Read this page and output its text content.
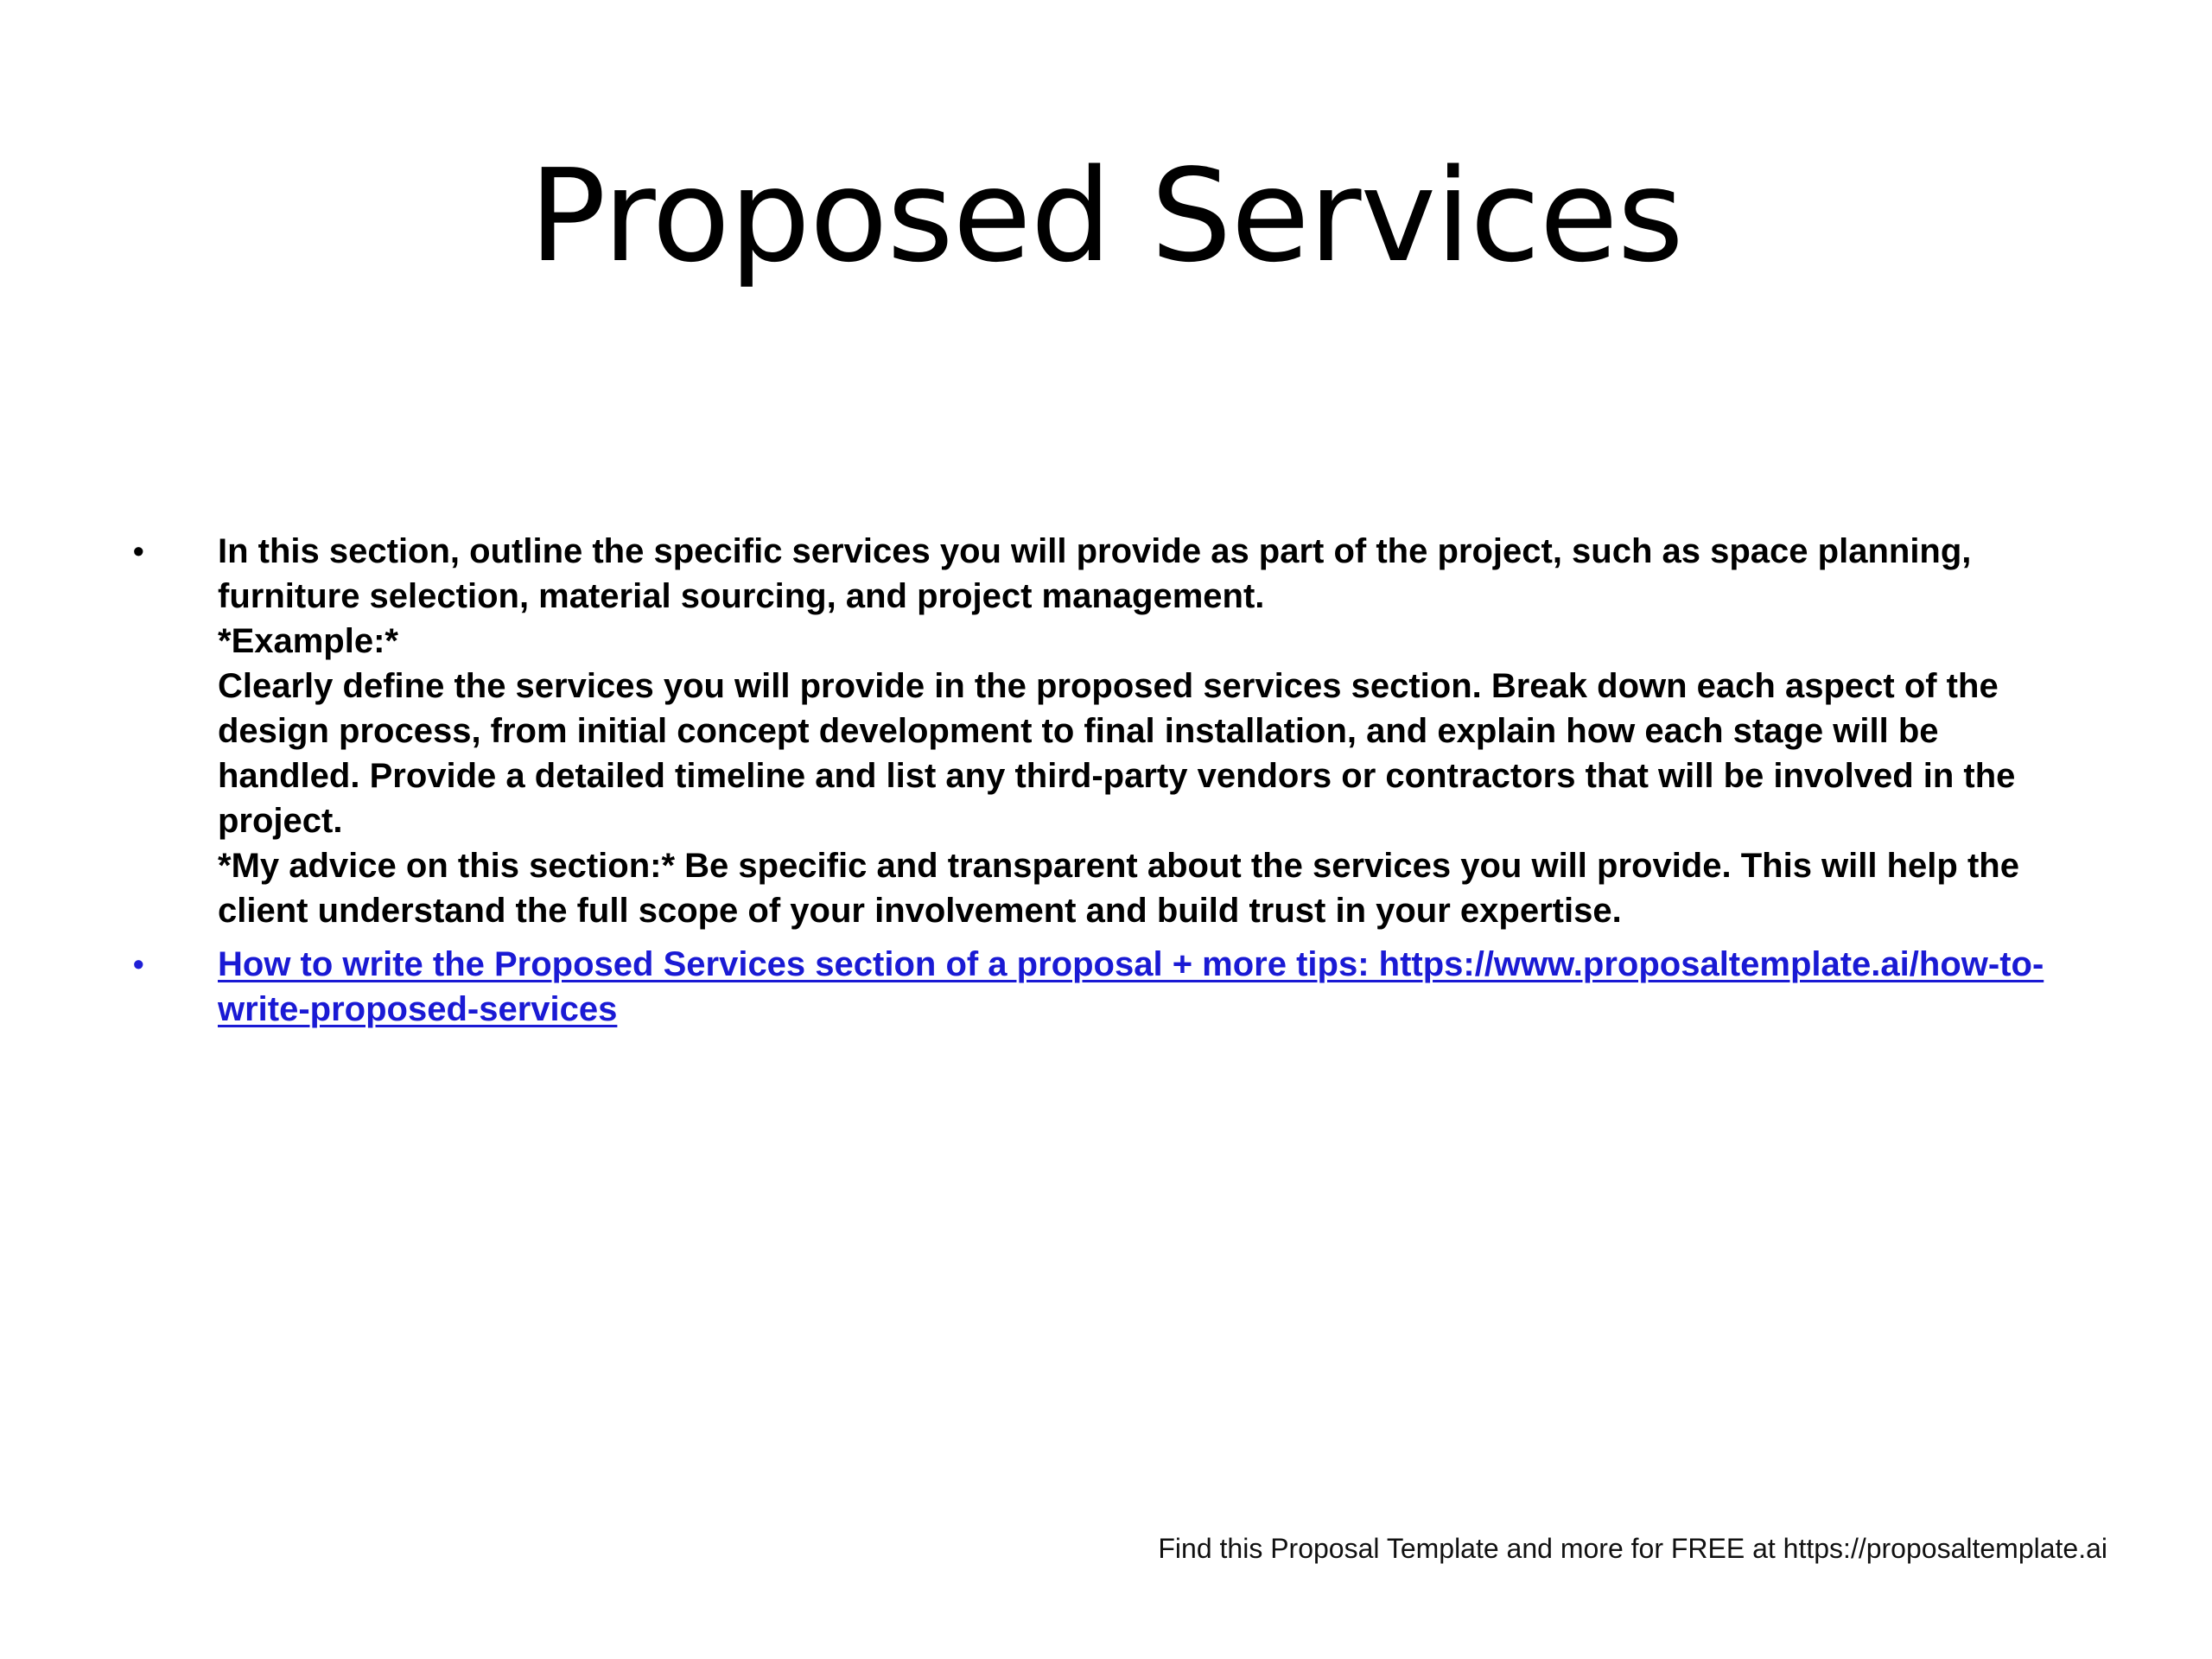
Proposed Services
•	In this section, outline the specific services you will provide as part of the project, such as space planning, furniture selection, material sourcing, and project management.
*Example:*
Clearly define the services you will provide in the proposed services section. Break down each aspect of the design process, from initial concept development to final installation, and explain how each stage will be handled. Provide a detailed timeline and list any third-party vendors or contractors that will be involved in the project.
*My advice on this section:* Be specific and transparent about the services you will provide. This will help the client understand the full scope of your involvement and build trust in your expertise.
•	How to write the Proposed Services section of a proposal + more tips: https://www.proposaltemplate.ai/how-to-write-proposed-services
Find this Proposal Template and more for FREE at https://proposaltemplate.ai
